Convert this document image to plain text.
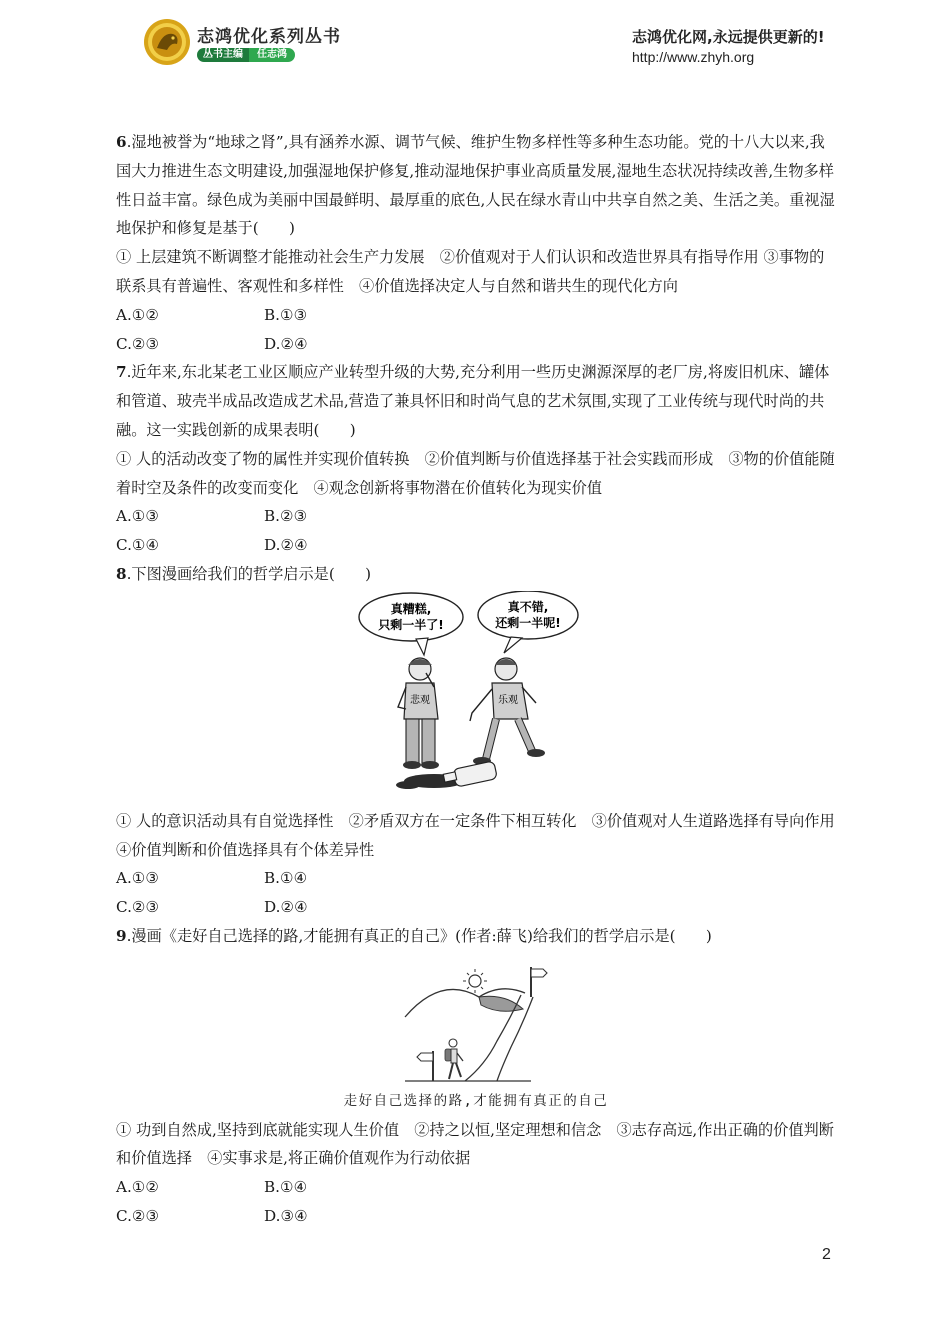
志鸿优化系列丛书
丛书主编	任志鸿
志鸿优化网,永远提供更新的!
http://www.zhyh.org

6.湿地被誉为“地球之肾”,具有涵养水源、调节气候、维护生物多样性等多种生态功能。党的十八大以来,我国大力推进生态文明建设,加强湿地保护修复,推动湿地保护事业高质量发展,湿地生态状况持续改善,生物多样性日益丰富。绿色成为美丽中国最鲜明、最厚重的底色,人民在绿水青山中共享自然之美、生活之美。重视湿地保护和修复是基于(　　)

① 上层建筑不断调整才能推动社会生产力发展　②价值观对于人们认识和改造世界具有指导作用 ③事物的联系具有普遍性、客观性和多样性　④价值选择决定人与自然和谐共生的现代化方向

A.①②	B.①③
C.②③	D.②④

7.近年来,东北某老工业区顺应产业转型升级的大势,充分利用一些历史渊源深厚的老厂房,将废旧机床、罐体和管道、玻壳半成品改造成艺术品,营造了兼具怀旧和时尚气息的艺术氛围,实现了工业传统与现代时尚的共融。这一实践创新的成果表明(　　)

① 人的活动改变了物的属性并实现价值转换　②价值判断与价值选择基于社会实践而形成　③物的价值能随着时空及条件的改变而变化　④观念创新将事物潜在价值转化为现实价值

A.①③	B.②③
C.①④	D.②④

8.下图漫画给我们的哲学启示是(　　)

真糟糕,
只剩一半了!
真不错,
还剩一半呢!
悲观	乐观

① 人的意识活动具有自觉选择性　②矛盾双方在一定条件下相互转化　③价值观对人生道路选择有导向作用　④价值判断和价值选择具有个体差异性

A.①③	B.①④
C.②③	D.②④

9.漫画《走好自己选择的路,才能拥有真正的自己》(作者:薛飞)给我们的哲学启示是(　　)

走好自己选择的路,才能拥有真正的自己

① 功到自然成,坚持到底就能实现人生价值　②持之以恒,坚定理想和信念　③志存高远,作出正确的价值判断和价值选择　④实事求是,将正确价值观作为行动依据

A.①②	B.①④
C.②③	D.③④
2
